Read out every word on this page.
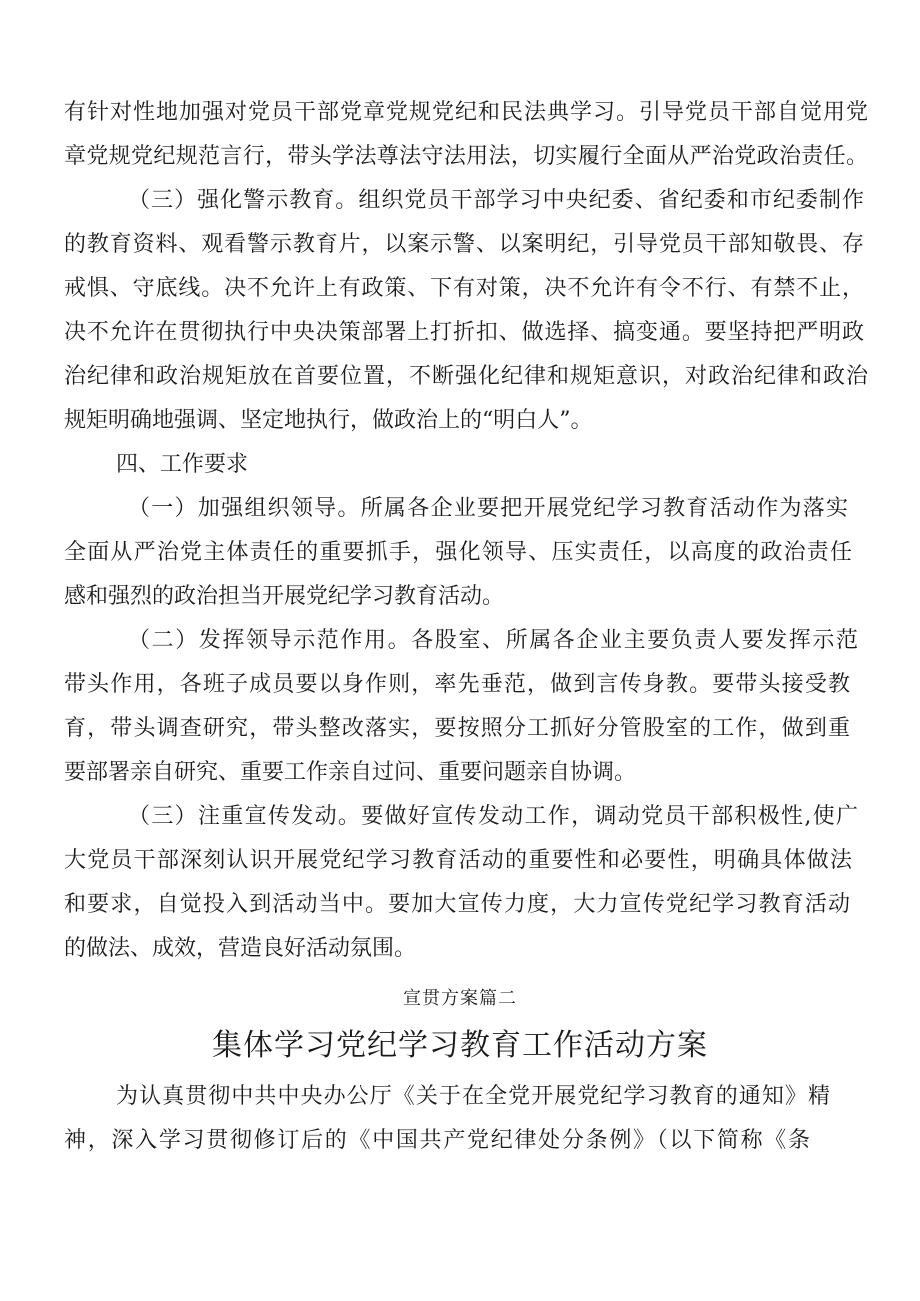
有针对性地加强对党员干部党章党规党纪和民法典学习。引导党员干部自觉用党
章党规党纪规范言行，带头学法尊法守法用法，切实履行全面从严治党政治责任。
（三）强化警示教育。组织党员干部学习中央纪委、省纪委和市纪委制作
的教育资料、观看警示教育片，以案示警、以案明纪，引导党员干部知敬畏、存
戒惧、守底线。决不允许上有政策、下有对策，决不允许有令不行、有禁不止，
决不允许在贯彻执行中央决策部署上打折扣、做选择、搞变通。要坚持把严明政
治纪律和政治规矩放在首要位置，不断强化纪律和规矩意识，对政治纪律和政治
规矩明确地强调、坚定地执行，做政治上的“明白人”。
四、工作要求
（一）加强组织领导。所属各企业要把开展党纪学习教育活动作为落实
全面从严治党主体责任的重要抓手，强化领导、压实责任，以高度的政治责任
感和强烈的政治担当开展党纪学习教育活动。
（二）发挥领导示范作用。各股室、所属各企业主要负责人要发挥示范
带头作用，各班子成员要以身作则，率先垂范，做到言传身教。要带头接受教
育，带头调查研究，带头整改落实，要按照分工抓好分管股室的工作，做到重
要部署亲自研究、重要工作亲自过问、重要问题亲自协调。
（三）注重宣传发动。要做好宣传发动工作，调动党员干部积极性,使广
大党员干部深刻认识开展党纪学习教育活动的重要性和必要性，明确具体做法
和要求，自觉投入到活动当中。要加大宣传力度，大力宣传党纪学习教育活动
的做法、成效，营造良好活动氛围。
宣贯方案篇二
集体学习党纪学习教育工作活动方案
为认真贯彻中共中央办公厅《关于在全党开展党纪学习教育的通知》精
神，深入学习贯彻修订后的《中国共产党纪律处分条例》（以下简称《条
